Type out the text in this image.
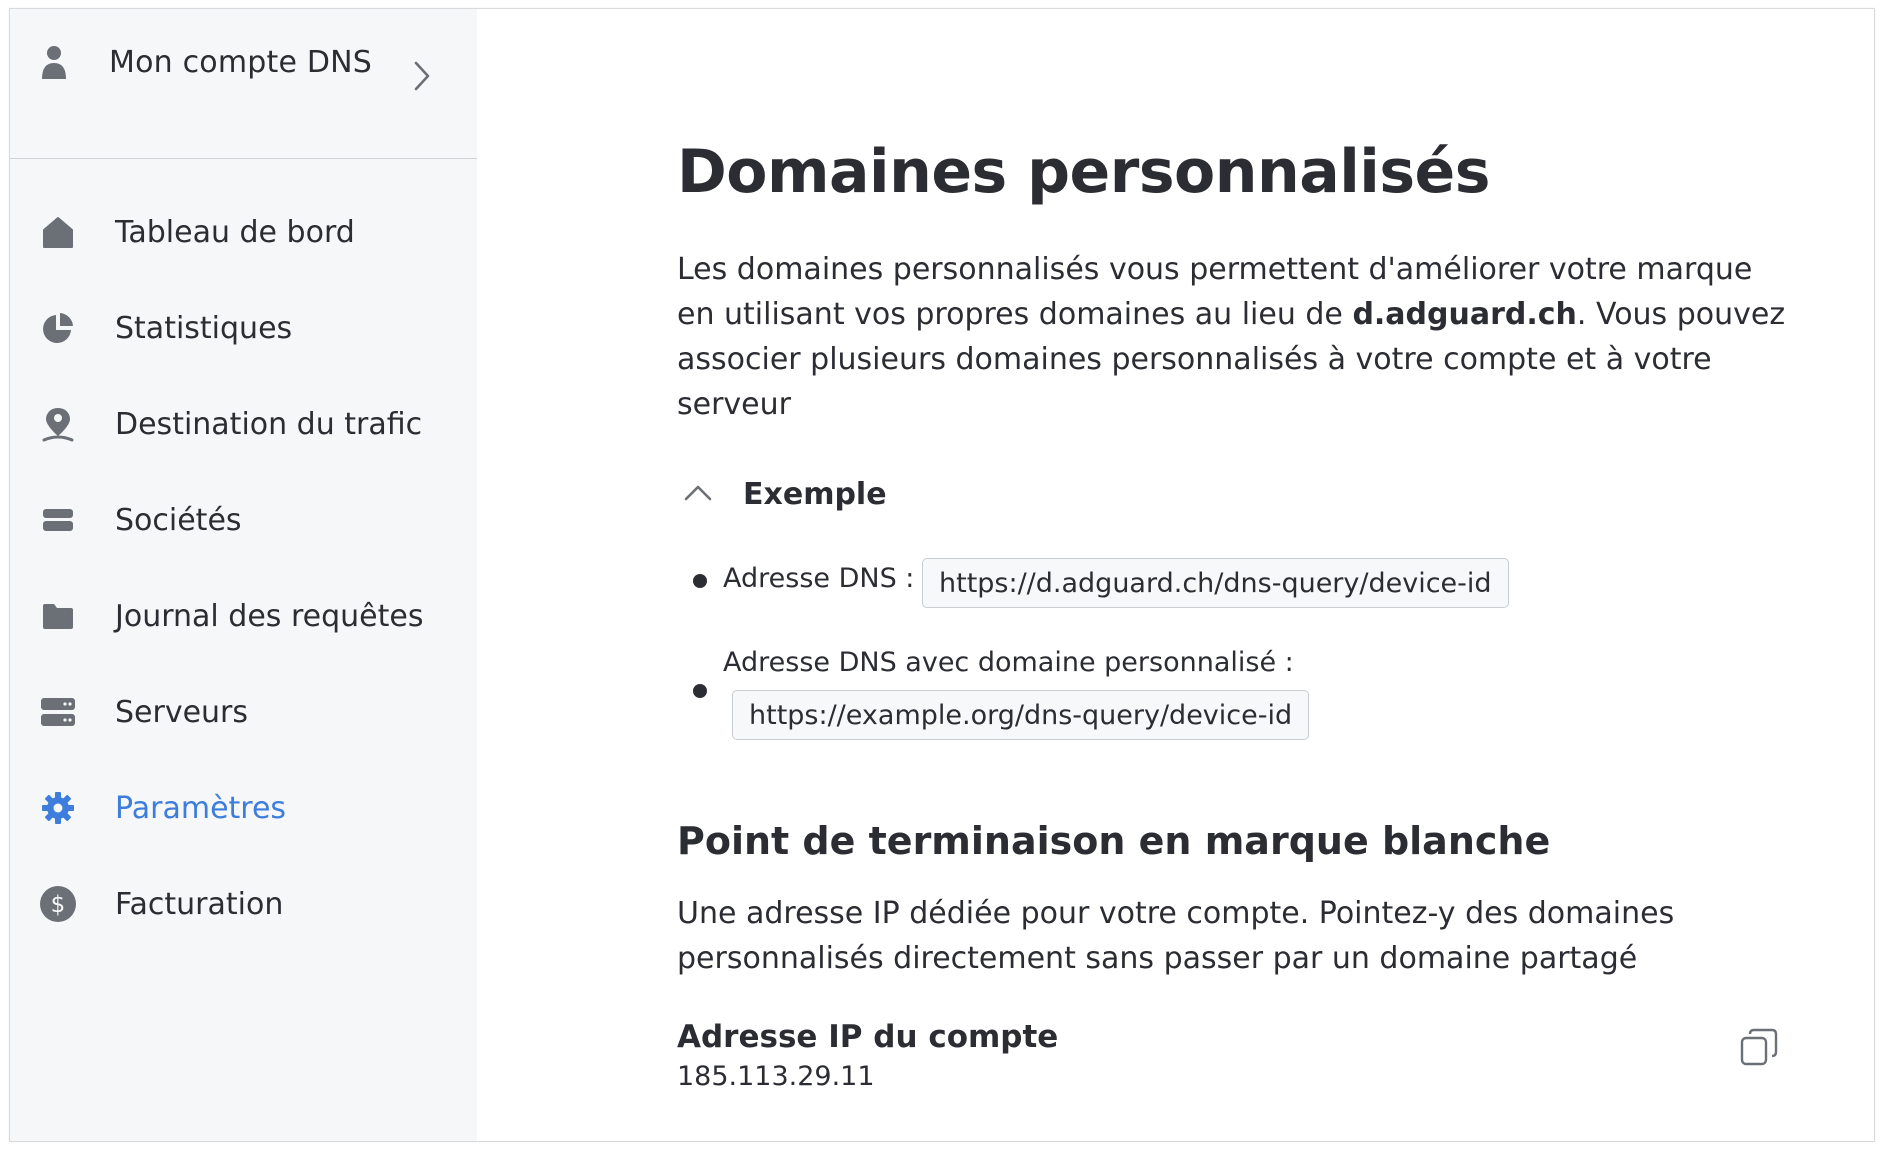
Mon compte DNS
Tableau de bord
Statistiques
Destination du trafic
Sociétés
Journal des requêtes
Serveurs
Paramètres
$ Facturation
Domaines personnalisés
Les domaines personnalisés vous permettent d'améliorer votre marque en utilisant vos propres domaines au lieu de d.adguard.ch. Vous pouvez associer plusieurs domaines personnalisés à votre compte et à votre serveur
Exemple
Adresse DNS : https://d.adguard.ch/dns-query/device-id
Adresse DNS avec domaine personnalisé :
https://example.org/dns-query/device-id
Point de terminaison en marque blanche
Une adresse IP dédiée pour votre compte. Pointez-y des domaines personnalisés directement sans passer par un domaine partagé
Adresse IP du compte
185.113.29.11
